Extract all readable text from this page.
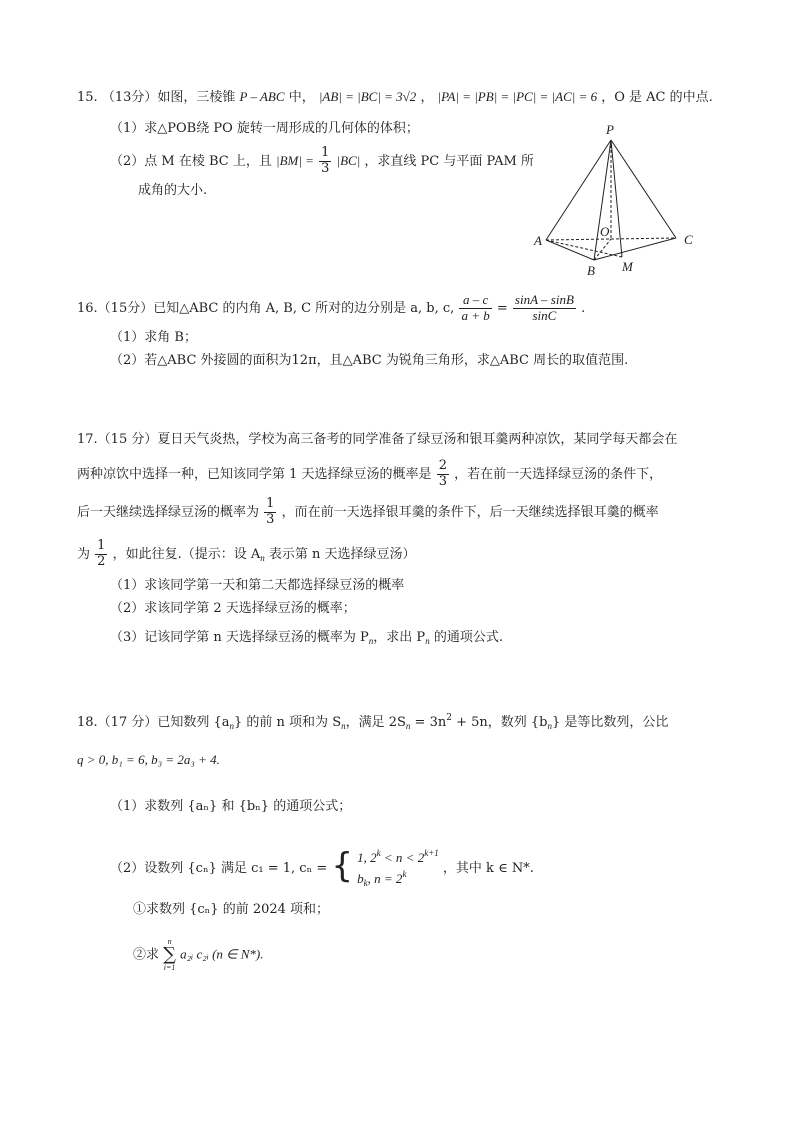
15. （13分）如图，三棱锥 P – ABC 中， |AB| = |BC| = 3√2 ， |PA| = |PB| = |PC| = |AC| = 6 ，O 是 AC 的中点.
（1）求△POB绕 PO 旋转一周形成的几何体的体积；
（2）点 M 在棱 BC 上，且 $|BM| = \frac{1}{3} |BC|$ ，求直线 PC 与平面 PAM 所
成角的大小.
P
A
O
C
B M
16.（15分）已知△ABC 的内角 A, B, C 所对的边分别是 a, b, c, $\frac{a - c}{a + b} = \frac{\sin A - \sin B}{\sin C}$ .
（1）求角 B；
（2）若△ABC 外接圆的面积为12π，且△ABC 为锐角三角形，求△ABC 周长的取值范围.
17.（15 分）夏日天气炎热，学校为高三备考的同学准备了绿豆汤和银耳羹两种凉饮，某同学每天都会在
两种凉饮中选择一种，已知该同学第 1 天选择绿豆汤的概率是 $\frac{2}{3}$ ，若在前一天选择绿豆汤的条件下，
后一天继续选择绿豆汤的概率为 $\frac{1}{3}$ ，而在前一天选择银耳羹的条件下，后一天继续选择银耳羹的概率
为 $\frac{1}{2}$ ，如此往复.（提示：设 $A_n$ 表示第 n 天选择绿豆汤）
（1）求该同学第一天和第二天都选择绿豆汤的概率
（2）求该同学第 2 天选择绿豆汤的概率；
（3）记该同学第 n 天选择绿豆汤的概率为 $P_n$，求出 $P_n$ 的通项公式.
18.（17 分）已知数列 $\{a_n\}$ 的前 n 项和为 $S_n$，满足 $2S_n = 3n^2 + 5n$，数列 $\{b_n\}$ 是等比数列，公比
q > 0, b₁ = 6, b₃ = 2a₃ + 4.
（1）求数列 {aₙ} 和 {bₙ} 的通项公式；
（2）设数列 {cₙ} 满足 c₁ = 1, cₙ = { 1, $2^k < n < 2^{k+1}$
$b_k$, $n = 2^k$	，其中 k ∈ N*.
①求数列 {cₙ} 的前 2024 项和；
②求
n
∑
i=1
a₂ᵢ c₂ᵢ (n ∈ N*).
